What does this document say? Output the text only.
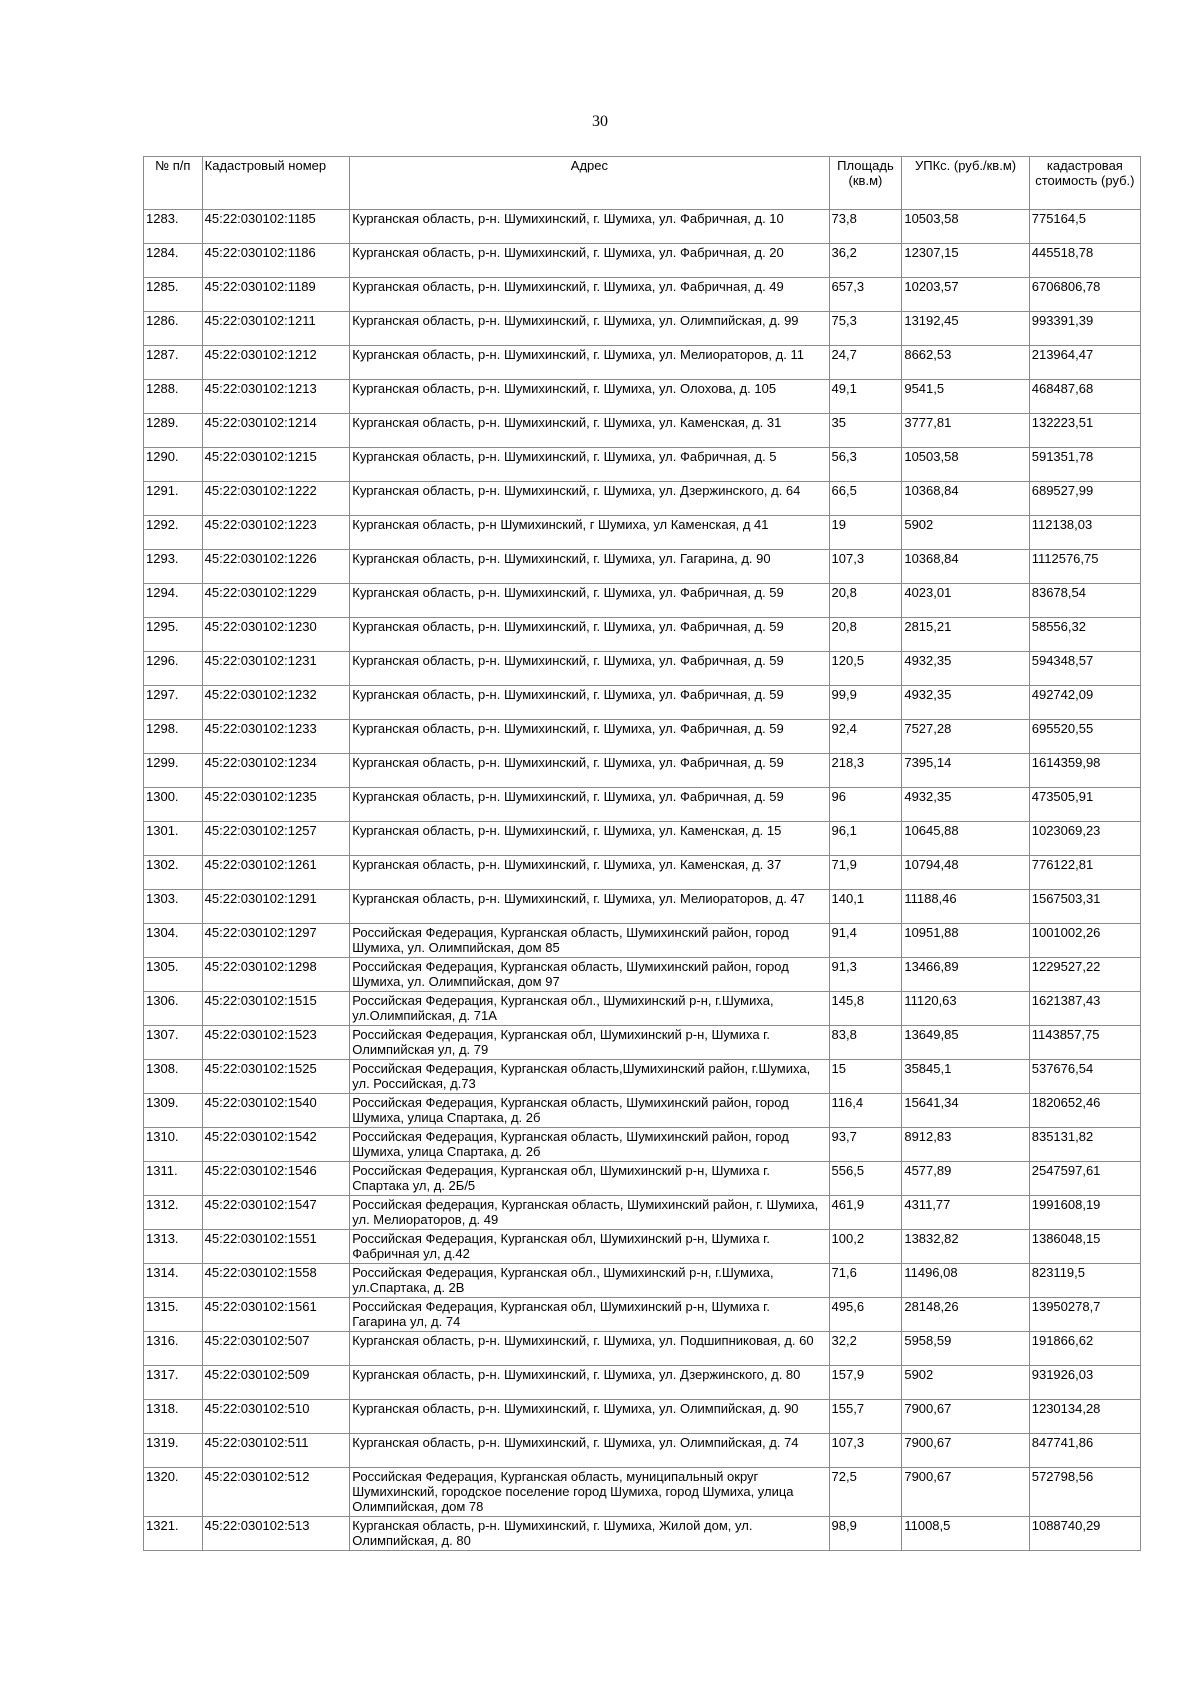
30
№ п/п	Кадастровый номер	Адрес	Площадь (кв.м)	УПКс. (руб./кв.м)	кадастровая стоимость (руб.)
1283.	45:22:030102:1185	Курганская область, р-н. Шумихинский, г. Шумиха, ул. Фабричная, д. 10	73,8	10503,58	775164,5
1284.	45:22:030102:1186	Курганская область, р-н. Шумихинский, г. Шумиха, ул. Фабричная, д. 20	36,2	12307,15	445518,78
1285.	45:22:030102:1189	Курганская область, р-н. Шумихинский, г. Шумиха, ул. Фабричная, д. 49	657,3	10203,57	6706806,78
1286.	45:22:030102:1211	Курганская область, р-н. Шумихинский, г. Шумиха, ул. Олимпийская, д. 99	75,3	13192,45	993391,39
1287.	45:22:030102:1212	Курганская область, р-н. Шумихинский, г. Шумиха, ул. Мелиораторов, д. 11	24,7	8662,53	213964,47
1288.	45:22:030102:1213	Курганская область, р-н. Шумихинский, г. Шумиха, ул. Олохова, д. 105	49,1	9541,5	468487,68
1289.	45:22:030102:1214	Курганская область, р-н. Шумихинский, г. Шумиха, ул. Каменская, д. 31	35	3777,81	132223,51
1290.	45:22:030102:1215	Курганская область, р-н. Шумихинский, г. Шумиха, ул. Фабричная, д. 5	56,3	10503,58	591351,78
1291.	45:22:030102:1222	Курганская область, р-н. Шумихинский, г. Шумиха, ул. Дзержинского, д. 64	66,5	10368,84	689527,99
1292.	45:22:030102:1223	Курганская область, р-н Шумихинский, г Шумиха, ул Каменская, д 41	19	5902	112138,03
1293.	45:22:030102:1226	Курганская область, р-н. Шумихинский, г. Шумиха, ул. Гагарина, д. 90	107,3	10368,84	1112576,75
1294.	45:22:030102:1229	Курганская область, р-н. Шумихинский, г. Шумиха, ул. Фабричная, д. 59	20,8	4023,01	83678,54
1295.	45:22:030102:1230	Курганская область, р-н. Шумихинский, г. Шумиха, ул. Фабричная, д. 59	20,8	2815,21	58556,32
1296.	45:22:030102:1231	Курганская область, р-н. Шумихинский, г. Шумиха, ул. Фабричная, д. 59	120,5	4932,35	594348,57
1297.	45:22:030102:1232	Курганская область, р-н. Шумихинский, г. Шумиха, ул. Фабричная, д. 59	99,9	4932,35	492742,09
1298.	45:22:030102:1233	Курганская область, р-н. Шумихинский, г. Шумиха, ул. Фабричная, д. 59	92,4	7527,28	695520,55
1299.	45:22:030102:1234	Курганская область, р-н. Шумихинский, г. Шумиха, ул. Фабричная, д. 59	218,3	7395,14	1614359,98
1300.	45:22:030102:1235	Курганская область, р-н. Шумихинский, г. Шумиха, ул. Фабричная, д. 59	96	4932,35	473505,91
1301.	45:22:030102:1257	Курганская область, р-н. Шумихинский, г. Шумиха, ул. Каменская, д. 15	96,1	10645,88	1023069,23
1302.	45:22:030102:1261	Курганская область, р-н. Шумихинский, г. Шумиха, ул. Каменская, д. 37	71,9	10794,48	776122,81
1303.	45:22:030102:1291	Курганская область, р-н. Шумихинский, г. Шумиха, ул. Мелиораторов, д. 47	140,1	11188,46	1567503,31
1304.	45:22:030102:1297	Российская Федерация, Курганская область, Шумихинский район, город Шумиха, ул. Олимпийская, дом 85	91,4	10951,88	1001002,26
1305.	45:22:030102:1298	Российская Федерация, Курганская область, Шумихинский район, город Шумиха, ул. Олимпийская, дом 97	91,3	13466,89	1229527,22
1306.	45:22:030102:1515	Российская Федерация, Курганская обл., Шумихинский р-н, г.Шумиха, ул.Олимпийская, д. 71А	145,8	11120,63	1621387,43
1307.	45:22:030102:1523	Российская Федерация, Курганская обл, Шумихинский р-н, Шумиха г. Олимпийская ул, д. 79	83,8	13649,85	1143857,75
1308.	45:22:030102:1525	Российская Федерация, Курганская область,Шумихинский район, г.Шумиха, ул. Российская, д.73	15	35845,1	537676,54
1309.	45:22:030102:1540	Российская Федерация, Курганская область, Шумихинский район, город Шумиха, улица Спартака, д. 2б	116,4	15641,34	1820652,46
1310.	45:22:030102:1542	Российская Федерация, Курганская область, Шумихинский район, город Шумиха, улица Спартака, д. 2б	93,7	8912,83	835131,82
1311.	45:22:030102:1546	Российская Федерация, Курганская обл, Шумихинский р-н, Шумиха г. Спартака ул, д. 2Б/5	556,5	4577,89	2547597,61
1312.	45:22:030102:1547	Российская федерация, Курганская область, Шумихинский район, г. Шумиха, ул. Мелиораторов, д. 49	461,9	4311,77	1991608,19
1313.	45:22:030102:1551	Российская Федерация, Курганская обл, Шумихинский р-н, Шумиха г. Фабричная ул, д.42	100,2	13832,82	1386048,15
1314.	45:22:030102:1558	Российская Федерация, Курганская обл., Шумихинский р-н, г.Шумиха, ул.Спартака, д. 2В	71,6	11496,08	823119,5
1315.	45:22:030102:1561	Российская Федерация, Курганская обл, Шумихинский р-н, Шумиха г. Гагарина ул, д. 74	495,6	28148,26	13950278,7
1316.	45:22:030102:507	Курганская область, р-н. Шумихинский, г. Шумиха, ул. Подшипниковая, д. 60	32,2	5958,59	191866,62
1317.	45:22:030102:509	Курганская область, р-н. Шумихинский, г. Шумиха, ул. Дзержинского, д. 80	157,9	5902	931926,03
1318.	45:22:030102:510	Курганская область, р-н. Шумихинский, г. Шумиха, ул. Олимпийская, д. 90	155,7	7900,67	1230134,28
1319.	45:22:030102:511	Курганская область, р-н. Шумихинский, г. Шумиха, ул. Олимпийская, д. 74	107,3	7900,67	847741,86
1320.	45:22:030102:512	Российская Федерация, Курганская область, муниципальный округ Шумихинский, городское поселение город Шумиха, город Шумиха, улица Олимпийская, дом 78	72,5	7900,67	572798,56
1321.	45:22:030102:513	Курганская область, р-н. Шумихинский, г. Шумиха, Жилой дом, ул. Олимпийская, д. 80	98,9	11008,5	1088740,29
